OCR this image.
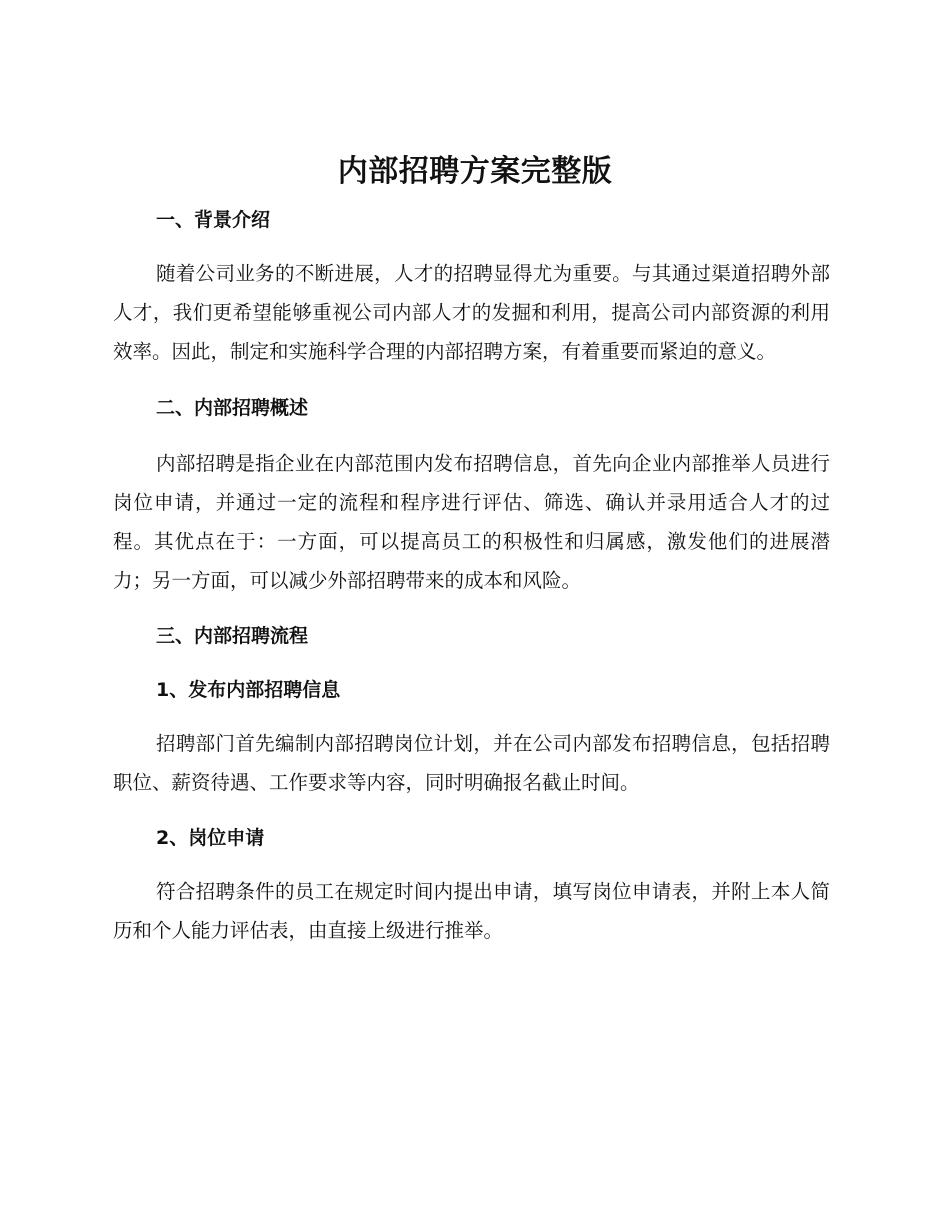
内部招聘方案完整版
一、背景介绍

随着公司业务的不断进展，人才的招聘显得尤为重要。与其通过渠道招聘外部人才，我们更希望能够重视公司内部人才的发掘和利用，提高公司内部资源的利用效率。因此，制定和实施科学合理的内部招聘方案，有着重要而紧迫的意义。

二、内部招聘概述

内部招聘是指企业在内部范围内发布招聘信息，首先向企业内部推举人员进行岗位申请，并通过一定的流程和程序进行评估、筛选、确认并录用适合人才的过程。其优点在于：一方面，可以提高员工的积极性和归属感，激发他们的进展潜力；另一方面，可以减少外部招聘带来的成本和风险。

三、内部招聘流程
1、发布内部招聘信息

招聘部门首先编制内部招聘岗位计划，并在公司内部发布招聘信息，包括招聘职位、薪资待遇、工作要求等内容，同时明确报名截止时间。

2、岗位申请

符合招聘条件的员工在规定时间内提出申请，填写岗位申请表，并附上本人简历和个人能力评估表，由直接上级进行推举。
